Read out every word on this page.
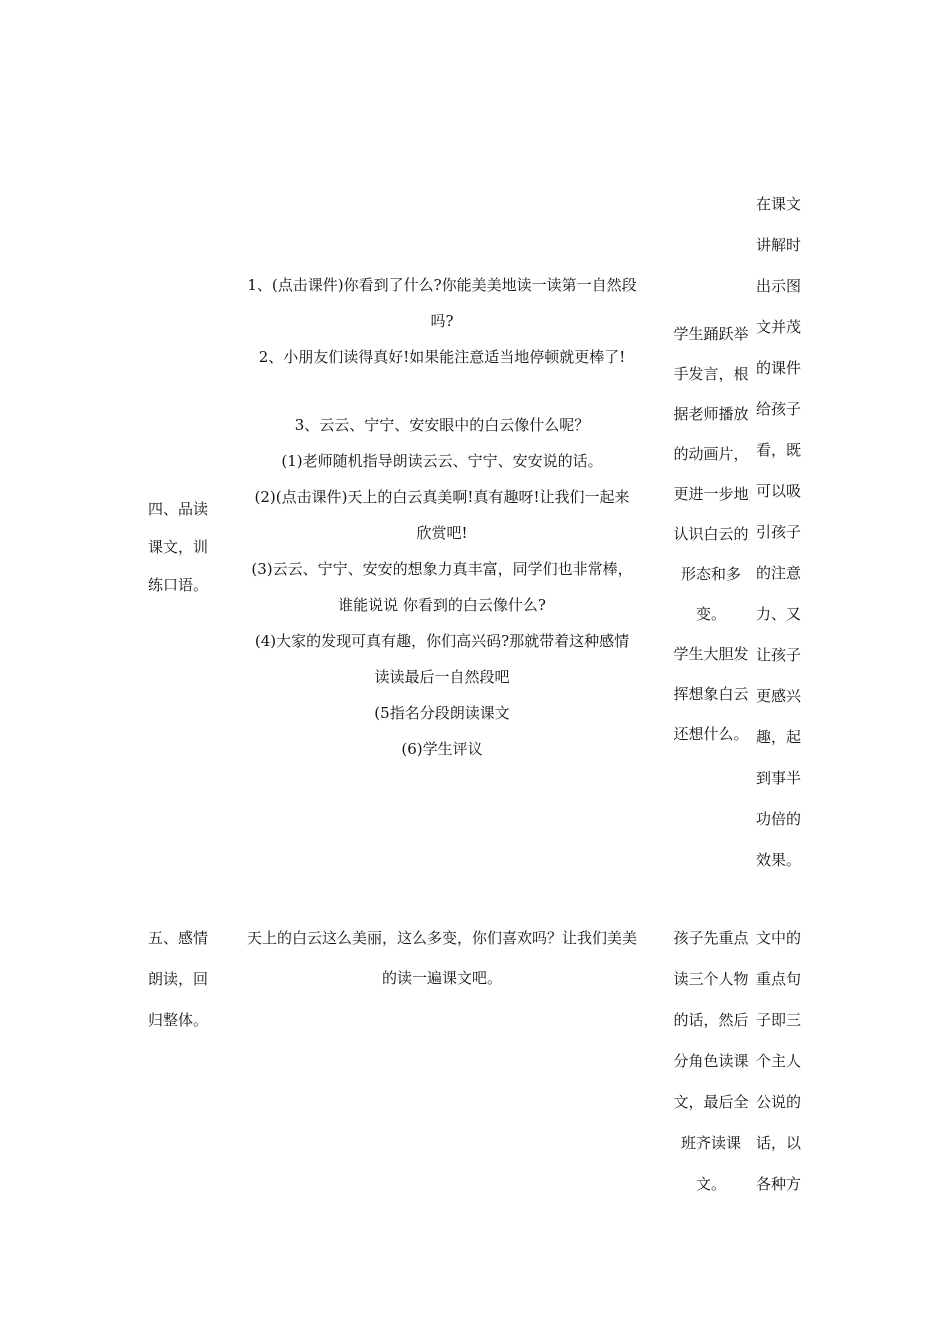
四、品读
课文，训
练口语。
1、(点击课件)你看到了什么?你能美美地读一读第一自然段
吗?
2、小朋友们读得真好!如果能注意适当地停顿就更棒了!
3、云云、宁宁、安安眼中的白云像什么呢？
(1)老师随机指导朗读云云、宁宁、安安说的话。
(2)(点击课件)天上的白云真美啊!真有趣呀!让我们一起来
欣赏吧!
(3)云云、宁宁、安安的想象力真丰富，同学们也非常棒，
谁能说说 你看到的白云像什么?
(4)大家的发现可真有趣，你们高兴码?那就带着这种感情
读读最后一自然段吧
(5指名分段朗读课文
(6)学生评议
学生踊跃举
手发言，根
据老师播放
的动画片，
更进一步地
认识白云的
形态和多
变。
学生大胆发
挥想象白云
还想什么。
在课文
讲解时
出示图
文并茂
的课件
给孩子
看，既
可以吸
引孩子
的注意
力、又
让孩子
更感兴
趣，起
到事半
功倍的
效果。
五、感情
朗读，回
归整体。
天上的白云这么美丽，这么多变，你们喜欢吗？让我们美美
的读一遍课文吧。
孩子先重点
读三个人物
的话，然后
分角色读课
文，最后全
班齐读课
文。
文中的
重点句
子即三
个主人
公说的
话，以
各种方
